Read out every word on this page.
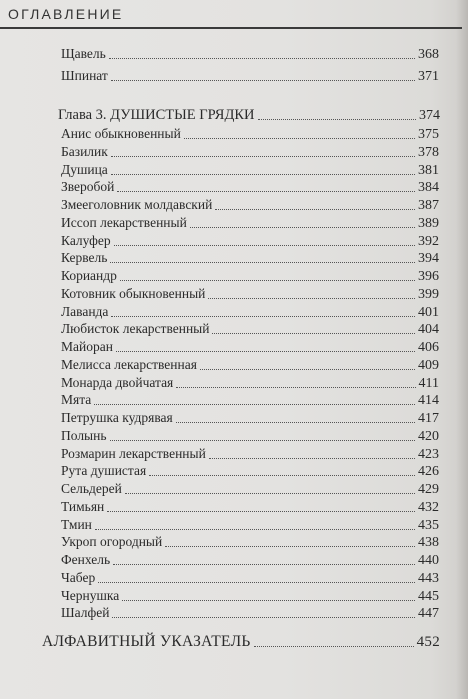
ОГЛАВЛЕНИЕ
Щавель	368
Шпинат	371
Глава 3. ДУШИСТЫЕ ГРЯДКИ	374
Анис обыкновенный	375
Базилик	378
Душица	381
Зверобой	384
Змееголовник молдавский	387
Иссоп лекарственный	389
Калуфер	392
Кервель	394
Кориандр	396
Котовник обыкновенный	399
Лаванда	401
Любисток лекарственный	404
Майоран	406
Мелисса лекарственная	409
Монарда двойчатая	411
Мята	414
Петрушка кудрявая	417
Полынь	420
Розмарин лекарственный	423
Рута душистая	426
Сельдерей	429
Тимьян	432
Тмин	435
Укроп огородный	438
Фенхель	440
Чабер	443
Чернушка	445
Шалфей	447
АЛФАВИТНЫЙ УКАЗАТЕЛЬ	452
